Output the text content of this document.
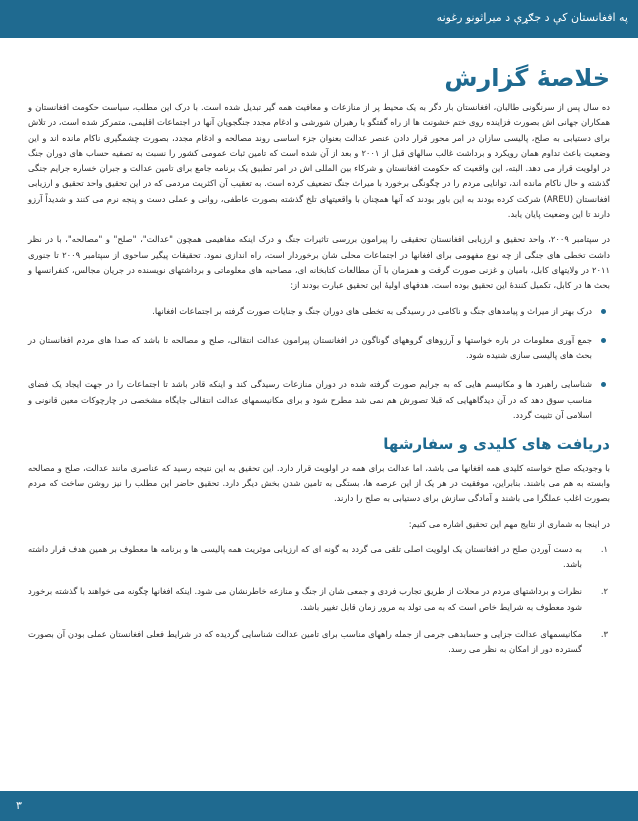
په افغانستان کې د جګړې د میراثونو رغونه
خلاصۀ گزارش

ده سال پس از سرنگونی طالبان، افغانستان بار دگر به یک محیط پر از منازعات و معافیت همه گیر تبدیل شده است. با درک این مطلب، سیاست حکومت افغانستان و همکاران جهانی اش بصورت فزاینده روی ختم خشونت ها از راه گفتگو با رهبران شورشی و ادغام مجدد جنگجویان آنها در اجتماعات اقلیمی، متمرکز شده است، در تلاش برای دستیابی به صلح، پالیسی سازان در امر محور قرار دادن عنصر عدالت بعنوان جزء اساسی روند مصالحه و ادغام مجدد، بصورت چشمگیری ناکام مانده اند و این وضعیت باعث تداوم همان رویکرد و برداشت غالب سالهای قبل از ۲۰۰۱ و بعد از آن شده است که تامین ثبات عمومی کشور را نسبت به تصفیه حساب های دوران جنگ در اولویت قرار می دهد. البته، این واقعیت که حکومت افغانستان و شرکاء بین المللی اش در امر تطبیق یک برنامه جامع برای تامین عدالت و جبران خساره جرایم جنگی گذشته و حال ناکام مانده اند، توانایی مردم را در چگونگی برخورد با میراث جنگ تضعیف کرده است. به تعقیب آن اکثریت مردمی که در این تحقیق واحد تحقیق و ارزیابی افغانستان (AREU) شرکت کرده بودند به این باور بودند که آنها همچنان با واقعیتهای تلخ گذشته بصورت عاطفی، روانی و عملی دست و پنجه نرم می کنند و شدیداً آرزو دارند تا این وضعیت پایان یابد.

در سپتامبر ۲۰۰۹، واحد تحقیق و ارزیابی افغانستان تحقیقی را پیرامون بررسی تاثیرات جنگ و درک اینکه مفاهیمی همچون "عدالت"، "صلح" و "مصالحه"، با در نظر داشت تخطی های جنگی از چه نوع مفهومی برای افغانها در اجتماعات محلی شان برخوردار است، راه اندازی نمود. تحقیقات پیگیر ساحوی از سپتامبر ۲۰۰۹ تا جنوری ۲۰۱۱ در ولایتهای کابل، بامیان و غزنی صورت گرفت و همزمان با آن مطالعات کتابخانه ای، مصاحبه های معلوماتی و برداشتهای نویسنده در جریان مجالس، کنفرانسها و بحث ها در کابل، تکمیل کنندۀ این تحقیق بوده است. هدفهای اولیۀ این تحقیق عبارت بودند از:

درک بهتر از میراث و پیامدهای جنگ و ناکامی در رسیدگی به تخطی های دوران جنگ و جنایات صورت گرفته بر اجتماعات افغانها.
جمع آوری معلومات در باره خواستها و آرزوهای گروههای گوناگون در افغانستان پیرامون عدالت انتقالی، صلح و مصالحه تا باشد که صدا های مردم افغانستان در بحث های پالیسی سازی شنیده شود.
شناسایی راهبرد ها و مکانیسم هایی که به جرایم صورت گرفته شده در دوران منازعات رسیدگی کند و اینکه قادر باشد تا اجتماعات را در جهت ایجاد یک فضای مناسب سوق دهد که در آن دیدگاههایی که قبلا تصورش هم نمی شد مطرح شود و برای مکانیسمهای عدالت انتقالی جایگاه مشخصی در چارچوکات معین قانونی و اسلامی آن تثبیت گردد.
دریافت های کلیدی و سفارشها

با وجودیکه صلح خواسته کلیدی همه افغانها می باشد، اما عدالت برای همه در اولویت قرار دارد. این تحقیق به این نتیجه رسید که عناصری مانند عدالت، صلح و مصالحه وابسته به هم می باشند. بنابراین، موفقیت در هر یک از این عرصه ها، بستگی به تامین شدن بخش دیگر دارد. تحقیق حاضر این مطلب را نیز روشن ساخت که مردم بصورت اغلب عملگرا می باشند و آمادگی سازش برای دستیابی به صلح را دارند.

در اینجا به شماری از نتایج مهم این تحقیق اشاره می کنیم:

۱.
به دست آوردن صلح در افغانستان یک اولویت اصلی تلقی می گردد به گونه ای که ارزیابی موثریت همه پالیسی ها و برنامه ها معطوف بر همین هدف قرار داشته باشد.
۲.
نظرات و برداشتهای مردم در محلات از طریق تجارب فردی و جمعی شان از جنگ و منازعه خاطرنشان می شود. اینکه افغانها چگونه می خواهند با گذشته برخورد شود معطوف به شرایط خاص است که به می تولد به مرور زمان قابل تغییر باشد.
۳.
مکانیسمهای عدالت جزایی و حسابدهی جرمی از جمله راههای مناسب برای تامین عدالت شناسایی گردیده که در شرایط فعلی افغانستان عملی بودن آن بصورت گسترده دور از امکان به نظر می رسد.
۳
